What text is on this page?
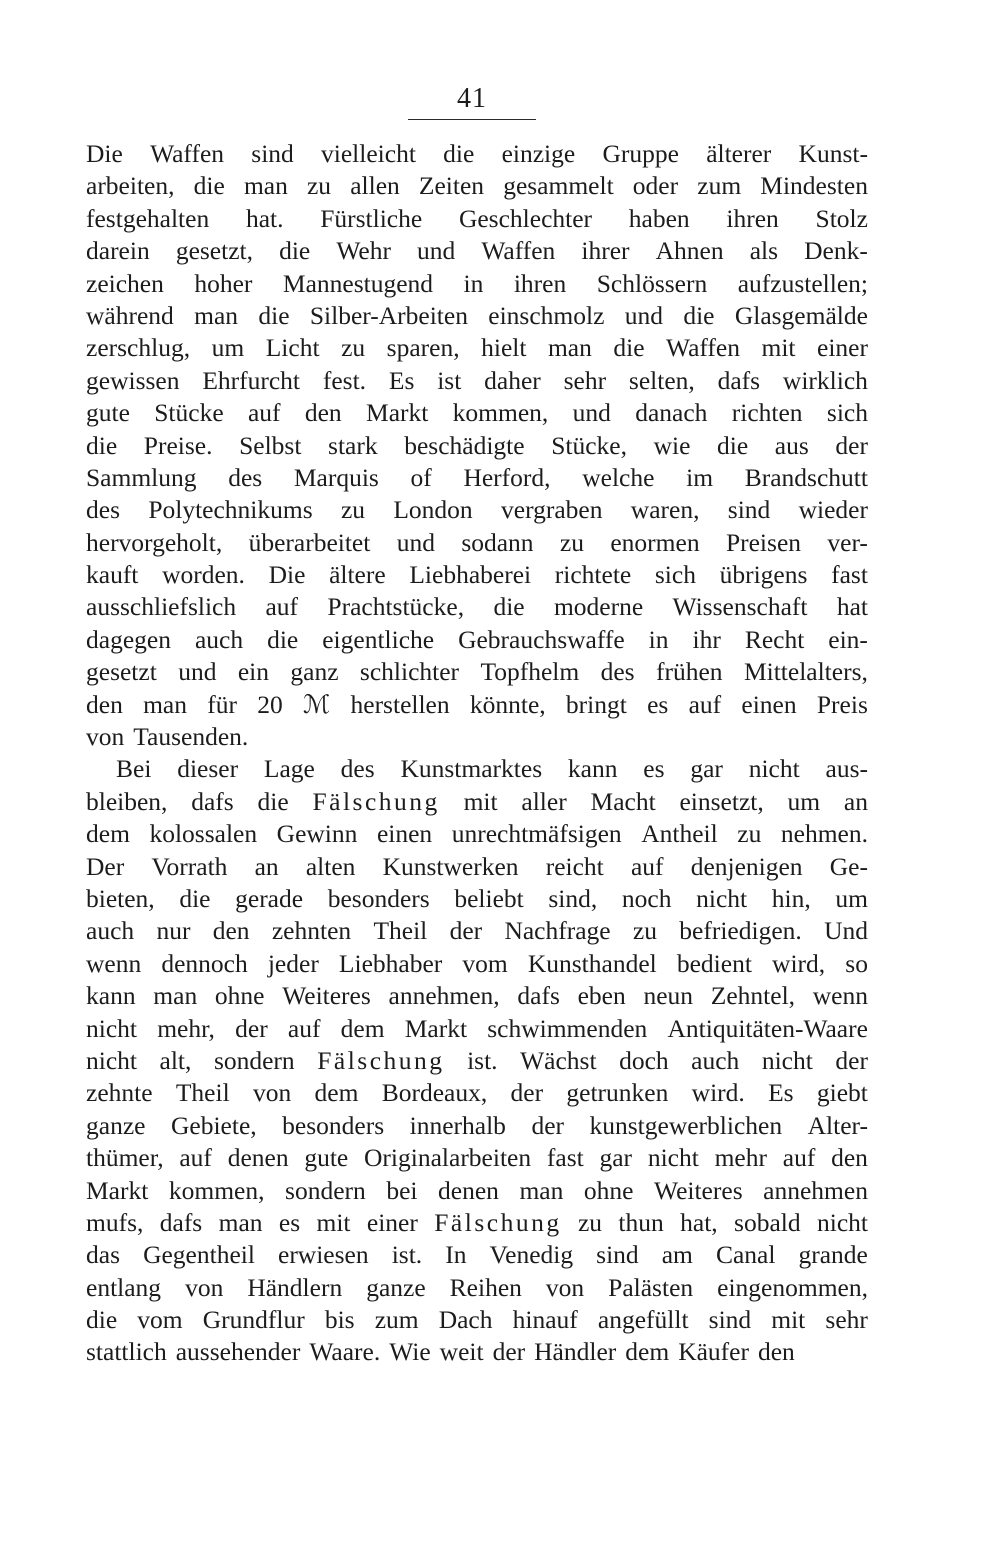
41
Die Waffen sind vielleicht die einzige Gruppe älterer Kunst-
arbeiten, die man zu allen Zeiten gesammelt oder zum Mindesten
festgehalten hat. Fürstliche Geschlechter haben ihren Stolz
darein gesetzt, die Wehr und Waffen ihrer Ahnen als Denk-
zeichen hoher Mannestugend in ihren Schlössern aufzustellen;
während man die Silber-Arbeiten einschmolz und die Glasgemälde
zerschlug, um Licht zu sparen, hielt man die Waffen mit einer
gewissen Ehrfurcht fest. Es ist daher sehr selten, dafs wirklich
gute Stücke auf den Markt kommen, und danach richten sich
die Preise. Selbst stark beschädigte Stücke, wie die aus der
Sammlung des Marquis of Herford, welche im Brandschutt
des Polytechnikums zu London vergraben waren, sind wieder
hervorgeholt, überarbeitet und sodann zu enormen Preisen ver-
kauft worden. Die ältere Liebhaberei richtete sich übrigens fast
ausschliefslich auf Prachtstücke, die moderne Wissenschaft hat
dagegen auch die eigentliche Gebrauchswaffe in ihr Recht ein-
gesetzt und ein ganz schlichter Topfhelm des frühen Mittelalters,
den man für 20 ℳ herstellen könnte, bringt es auf einen Preis
von Tausenden.
Bei dieser Lage des Kunstmarktes kann es gar nicht aus-
bleiben, dafs die Fälschung mit aller Macht einsetzt, um an
dem kolossalen Gewinn einen unrechtmäfsigen Antheil zu nehmen.
Der Vorrath an alten Kunstwerken reicht auf denjenigen Ge-
bieten, die gerade besonders beliebt sind, noch nicht hin, um
auch nur den zehnten Theil der Nachfrage zu befriedigen. Und
wenn dennoch jeder Liebhaber vom Kunsthandel bedient wird, so
kann man ohne Weiteres annehmen, dafs eben neun Zehntel, wenn
nicht mehr, der auf dem Markt schwimmenden Antiquitäten-Waare
nicht alt, sondern Fälschung ist. Wächst doch auch nicht der
zehnte Theil von dem Bordeaux, der getrunken wird. Es giebt
ganze Gebiete, besonders innerhalb der kunstgewerblichen Alter-
thümer, auf denen gute Originalarbeiten fast gar nicht mehr auf den
Markt kommen, sondern bei denen man ohne Weiteres annehmen
mufs, dafs man es mit einer Fälschung zu thun hat, sobald nicht
das Gegentheil erwiesen ist. In Venedig sind am Canal grande
entlang von Händlern ganze Reihen von Palästen eingenommen,
die vom Grundflur bis zum Dach hinauf angefüllt sind mit sehr
stattlich aussehender Waare. Wie weit der Händler dem Käufer den
